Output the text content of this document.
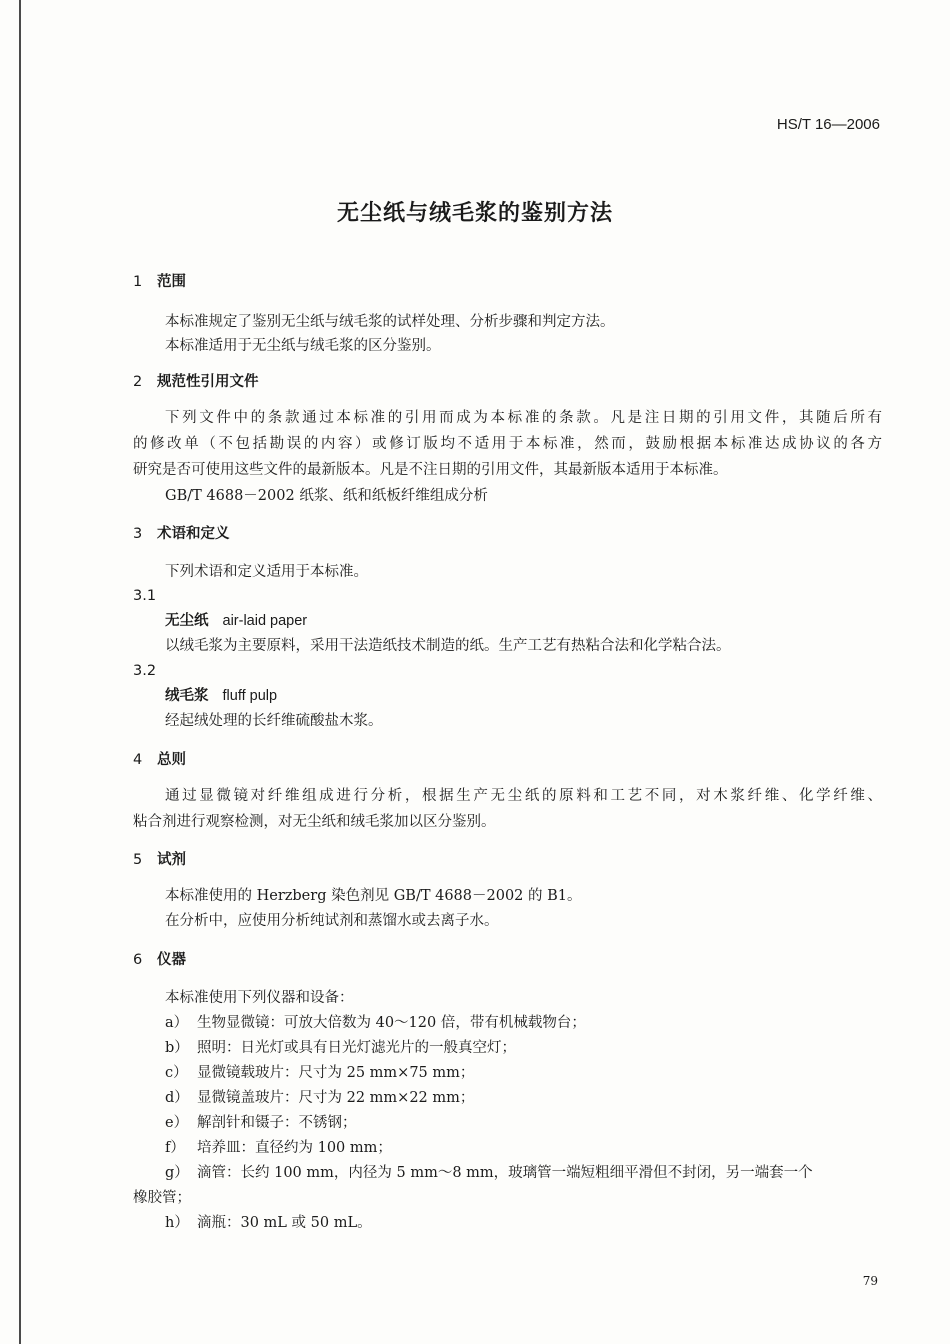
HS/T 16—2006
无尘纸与绒毛浆的鉴别方法
1 范围
本标准规定了鉴别无尘纸与绒毛浆的试样处理、分析步骤和判定方法。
本标准适用于无尘纸与绒毛浆的区分鉴别。
2 规范性引用文件
下列文件中的条款通过本标准的引用而成为本标准的条款。凡是注日期的引用文件，其随后所有
的修改单（不包括勘误的内容）或修订版均不适用于本标准，然而，鼓励根据本标准达成协议的各方
研究是否可使用这些文件的最新版本。凡是不注日期的引用文件，其最新版本适用于本标准。
GB/T 4688－2002 纸浆、纸和纸板纤维组成分析
3 术语和定义
下列术语和定义适用于本标准。
3.1
无尘纸 air-laid paper
以绒毛浆为主要原料，采用干法造纸技术制造的纸。生产工艺有热粘合法和化学粘合法。
3.2
绒毛浆 fluff pulp
经起绒处理的长纤维硫酸盐木浆。
4 总则
通过显微镜对纤维组成进行分析，根据生产无尘纸的原料和工艺不同，对木浆纤维、化学纤维、
粘合剂进行观察检测，对无尘纸和绒毛浆加以区分鉴别。
5 试剂
本标准使用的 Herzberg 染色剂见 GB/T 4688－2002 的 B1。
在分析中，应使用分析纯试剂和蒸馏水或去离子水。
6 仪器
本标准使用下列仪器和设备：
a） 生物显微镜：可放大倍数为 40～120 倍，带有机械载物台；
b） 照明：日光灯或具有日光灯滤光片的一般真空灯；
c） 显微镜载玻片：尺寸为 25 mm×75 mm；
d） 显微镜盖玻片：尺寸为 22 mm×22 mm；
e） 解剖针和镊子：不锈钢；
f） 培养皿：直径约为 100 mm；
g） 滴管：长约 100 mm，内径为 5 mm～8 mm，玻璃管一端短粗细平滑但不封闭，另一端套一个
橡胶管；
h） 滴瓶：30 mL 或 50 mL。
79
